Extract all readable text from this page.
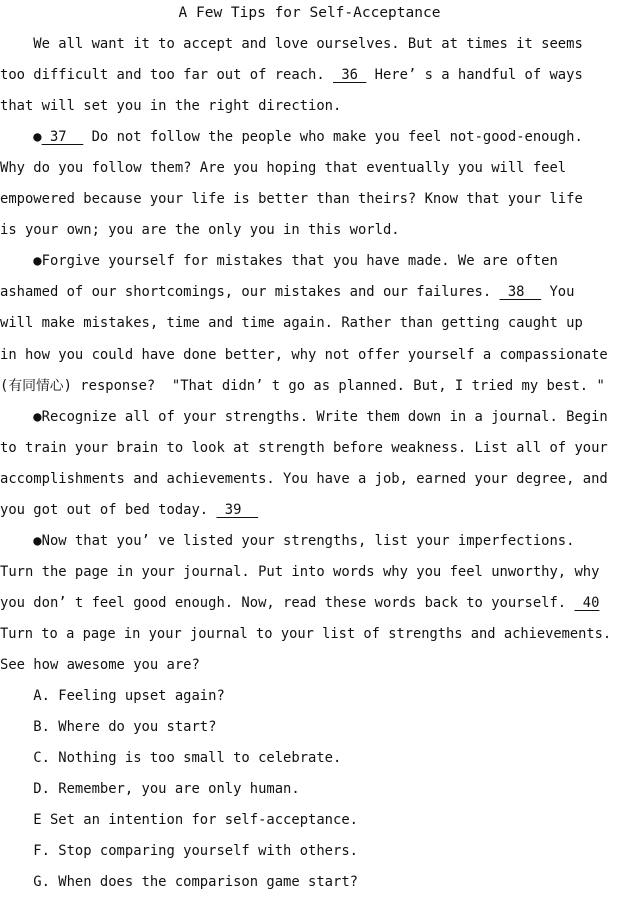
A Few Tips for Self-Acceptance
We all want it to accept and love ourselves. But at times it seems
too difficult and too far out of reach.  36  Here’ s a handful of ways
that will set you in the right direction.
● 37   Do not follow the people who make you feel not-good-enough.
Why do you follow them? Are you hoping that eventually you will feel
empowered because your life is better than theirs? Know that your life
is your own; you are the only you in this world.
●Forgive yourself for mistakes that you have made. We are often
ashamed of our shortcomings, our mistakes and our failures.  38   You
will make mistakes, time and time again. Rather than getting caught up
in how you could have done better, why not offer yourself a compassionate
(有同情心) response?  "That didn’ t go as planned. But, I tried my best. "
●Recognize all of your strengths. Write them down in a journal. Begin
to train your brain to look at strength before weakness. List all of your
accomplishments and achievements. You have a job, earned your degree, and
you got out of bed today.  39
●Now that you’ ve listed your strengths, list your imperfections.
Turn the page in your journal. Put into words why you feel unworthy, why
you don’ t feel good enough. Now, read these words back to yourself.  40
Turn to a page in your journal to your list of strengths and achievements.
See how awesome you are?
A. Feeling upset again?
B. Where do you start?
C. Nothing is too small to celebrate.
D. Remember, you are only human.
E Set an intention for self-acceptance.
F. Stop comparing yourself with others.
G. When does the comparison game start?
